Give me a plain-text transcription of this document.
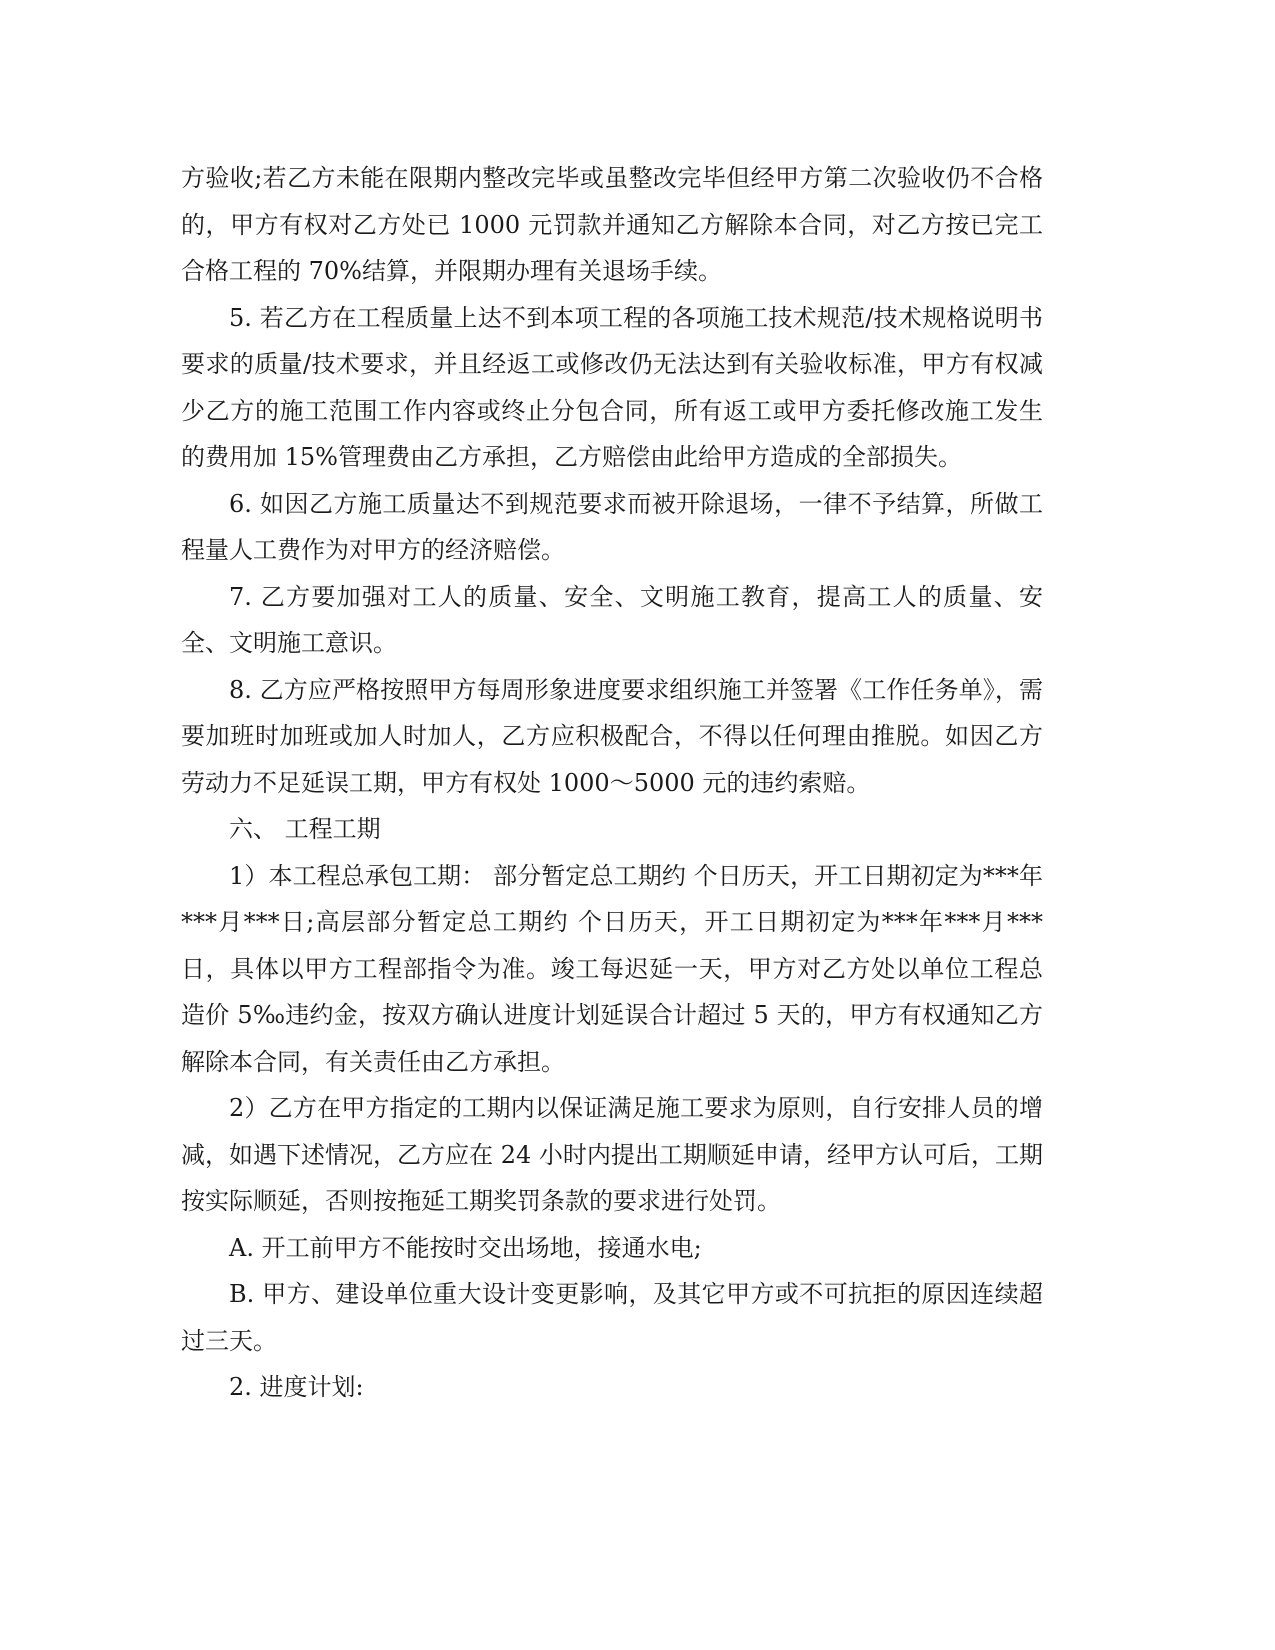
方验收;若乙方未能在限期内整改完毕或虽整改完毕但经甲方第二次验收仍不合格的，甲方有权对乙方处已 1000 元罚款并通知乙方解除本合同，对乙方按已完工合格工程的 70%结算，并限期办理有关退场手续。

5. 若乙方在工程质量上达不到本项工程的各项施工技术规范/技术规格说明书要求的质量/技术要求，并且经返工或修改仍无法达到有关验收标准，甲方有权减少乙方的施工范围工作内容或终止分包合同，所有返工或甲方委托修改施工发生的费用加 15%管理费由乙方承担，乙方赔偿由此给甲方造成的全部损失。

6. 如因乙方施工质量达不到规范要求而被开除退场，一律不予结算，所做工程量人工费作为对甲方的经济赔偿。

7. 乙方要加强对工人的质量、安全、文明施工教育，提高工人的质量、安全、文明施工意识。

8. 乙方应严格按照甲方每周形象进度要求组织施工并签署《工作任务单》，需要加班时加班或加人时加人，乙方应积极配合，不得以任何理由推脱。如因乙方劳动力不足延误工期，甲方有权处 1000～5000 元的违约索赔。

六、 工程工期

1）本工程总承包工期： 部分暂定总工期约 个日历天，开工日期初定为***年***月***日;高层部分暂定总工期约 个日历天，开工日期初定为***年***月***日，具体以甲方工程部指令为准。竣工每迟延一天，甲方对乙方处以单位工程总造价 5‰违约金，按双方确认进度计划延误合计超过 5 天的，甲方有权通知乙方解除本合同，有关责任由乙方承担。

2）乙方在甲方指定的工期内以保证满足施工要求为原则，自行安排人员的增减，如遇下述情况，乙方应在 24 小时内提出工期顺延申请，经甲方认可后，工期按实际顺延，否则按拖延工期奖罚条款的要求进行处罚。

A. 开工前甲方不能按时交出场地，接通水电;

B. 甲方、建设单位重大设计变更影响，及其它甲方或不可抗拒的原因连续超过三天。

2. 进度计划:
